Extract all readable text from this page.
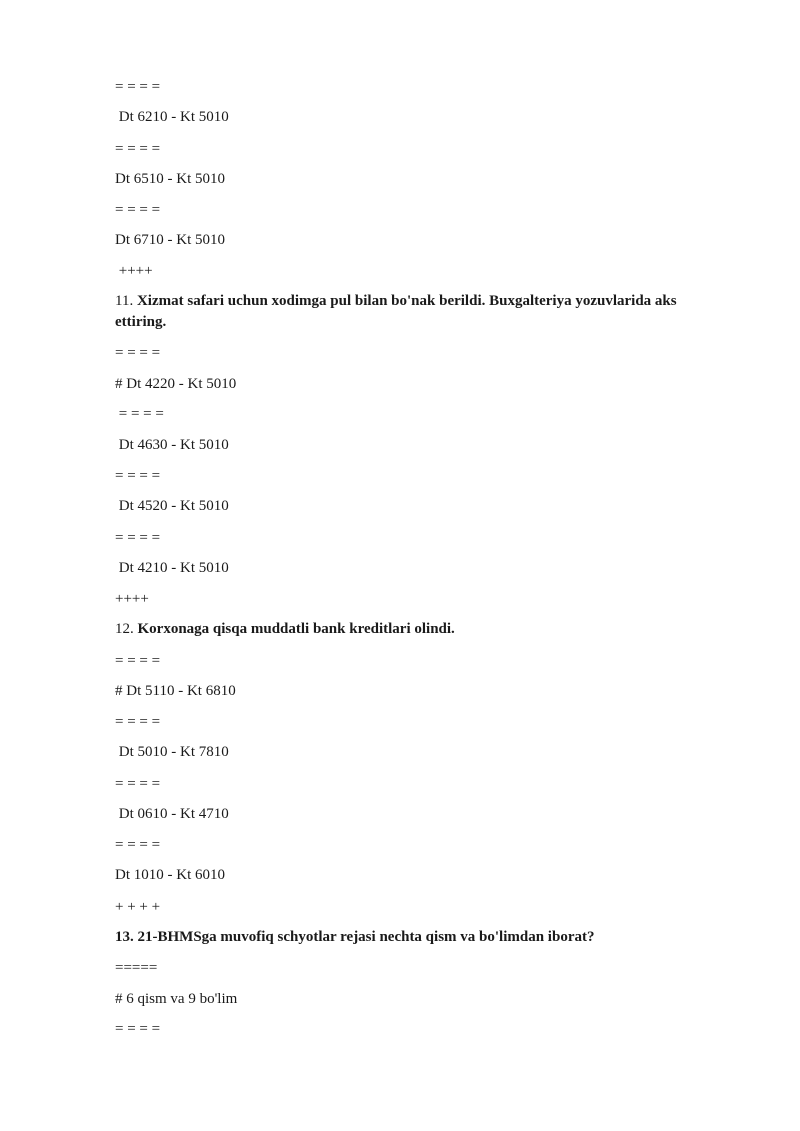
= = = =
Dt 6210 - Kt 5010
= = = =
Dt 6510 - Kt 5010
= = = =
Dt 6710 - Kt 5010
++++
11. Xizmat safari uchun xodimga pul bilan bo'nak berildi. Buxgalteriya yozuvlarida aks ettiring.
= = = =
# Dt 4220 - Kt 5010
= = = =
Dt 4630 - Kt 5010
= = = =
Dt 4520 - Kt 5010
= = = =
Dt 4210 - Kt 5010
++++
12. Korxonaga qisqa muddatli bank kreditlari olindi.
= = = =
# Dt 5110 - Kt 6810
= = = =
Dt 5010 - Kt 7810
= = = =
Dt 0610 - Kt 4710
= = = =
Dt 1010 - Kt 6010
+ + + +
13. 21-BHMSga muvofiq schyotlar rejasi nechta qism va bo'limdan iborat?
=====
# 6 qism va 9 bo'lim
= = = =
